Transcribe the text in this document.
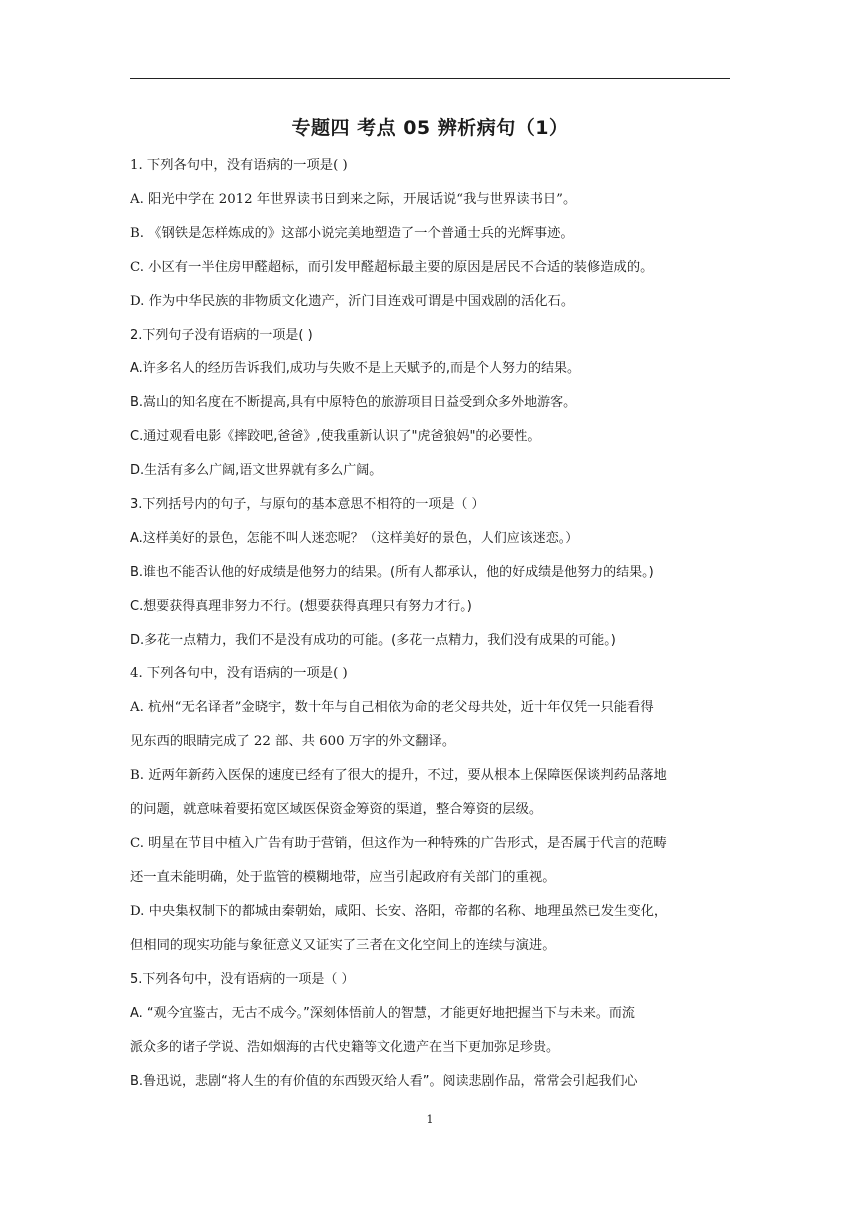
专题四 考点 05 辨析病句（1）
1. 下列各句中，没有语病的一项是( )
A. 阳光中学在 2012 年世界读书日到来之际，开展话说“我与世界读书日”。
B. 《钢铁是怎样炼成的》这部小说完美地塑造了一个普通士兵的光辉事迹。
C. 小区有一半住房甲醛超标，而引发甲醛超标最主要的原因是居民不合适的装修造成的。
D. 作为中华民族的非物质文化遗产，沂门目连戏可谓是中国戏剧的活化石。
2.下列句子没有语病的一项是( )
A.许多名人的经历告诉我们,成功与失败不是上天赋予的,而是个人努力的结果。
B.嵩山的知名度在不断提高,具有中原特色的旅游项目日益受到众多外地游客。
C.通过观看电影《摔跤吧,爸爸》,使我重新认识了"虎爸狼妈"的必要性。
D.生活有多么广阔,语文世界就有多么广阔。
3.下列括号内的句子，与原句的基本意思不相符的一项是（ ）
A.这样美好的景色，怎能不叫人迷恋呢？（这样美好的景色，人们应该迷恋。）
B.谁也不能否认他的好成绩是他努力的结果。(所有人都承认，他的好成绩是他努力的结果。)
C.想要获得真理非努力不行。(想要获得真理只有努力才行。)
D.多花一点精力，我们不是没有成功的可能。(多花一点精力，我们没有成果的可能。)
4. 下列各句中，没有语病的一项是( )
A. 杭州“无名译者”金晓宇，数十年与自己相依为命的老父母共处，近十年仅凭一只能看得
见东西的眼睛完成了 22 部、共 600 万字的外文翻译。
B. 近两年新药入医保的速度已经有了很大的提升，不过，要从根本上保障医保谈判药品落地
的问题，就意味着要拓宽区域医保资金筹资的渠道，整合筹资的层级。
C. 明星在节目中植入广告有助于营销，但这作为一种特殊的广告形式，是否属于代言的范畴
还一直未能明确，处于监管的模糊地带，应当引起政府有关部门的重视。
D. 中央集权制下的都城由秦朝始，咸阳、长安、洛阳，帝都的名称、地理虽然已发生变化，
但相同的现实功能与象征意义又证实了三者在文化空间上的连续与演进。
5.下列各句中，没有语病的一项是（ ）
A. “观今宜鉴古，无古不成今。”深刻体悟前人的智慧，才能更好地把握当下与未来。而流
派众多的诸子学说、浩如烟海的古代史籍等文化遗产在当下更加弥足珍贵。
B.鲁迅说，悲剧“将人生的有价值的东西毁灭给人看”。阅读悲剧作品，常常会引起我们心
1
